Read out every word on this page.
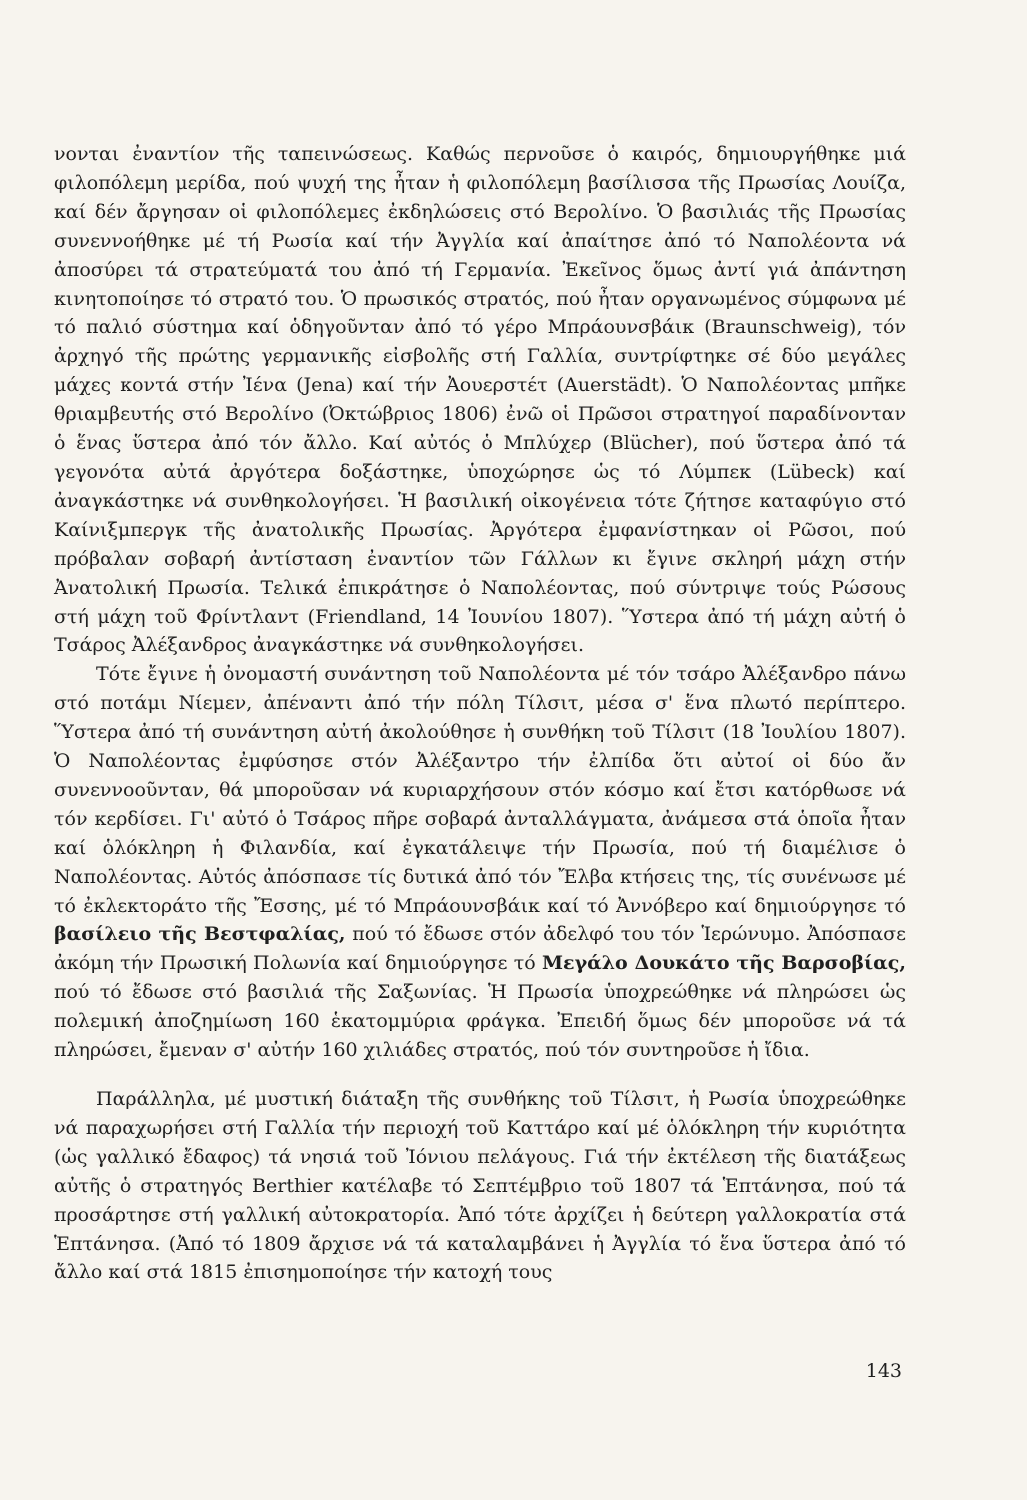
νονται ἐναντίον τῆς ταπεινώσεως. Καθώς περνοῦσε ὁ καιρός, δημιουργήθηκε μιά φιλοπόλεμη μερίδα, πού ψυχή της ἦταν ἡ φιλοπόλεμη βασίλισσα τῆς Πρωσίας Λουίζα, καί δέν ἄργησαν οἱ φιλοπόλεμες ἐκδηλώσεις στό Βερολίνο. Ὁ βασιλιάς τῆς Πρωσίας συνεννοήθηκε μέ τή Ρωσία καί τήν Ἀγγλία καί ἀπαίτησε ἀπό τό Ναπολέοντα νά ἀποσύρει τά στρατεύματά του ἀπό τή Γερμανία. Ἐκεῖνος ὅμως ἀντί γιά ἀπάντηση κινητοποίησε τό στρατό του. Ὁ πρωσικός στρατός, πού ἦταν οργανωμένος σύμφωνα μέ τό παλιό σύστημα καί ὁδηγοῦνταν ἀπό τό γέρο Μπράουνσβάικ (Braunschweig), τόν ἀρχηγό τῆς πρώτης γερμανικῆς εἰσβολῆς στή Γαλλία, συντρίφτηκε σέ δύο μεγάλες μάχες κοντά στήν Ἰένα (Jena) καί τήν Ἀουερστέτ (Auerstädt). Ὁ Ναπολέοντας μπῆκε θριαμβευτής στό Βερολίνο (Ὀκτώβριος 1806) ἐνῶ οἱ Πρῶσοι στρατηγοί παραδίνονταν ὁ ἕνας ὕστερα ἀπό τόν ἄλλο. Καί αὐτός ὁ Μπλύχερ (Blücher), πού ὕστερα ἀπό τά γεγονότα αὐτά ἀργότερα δοξάστηκε, ὑποχώρησε ὡς τό Λύμπεκ (Lübeck) καί ἀναγκάστηκε νά συνθηκολογήσει. Ἡ βασιλική οἰκογένεια τότε ζήτησε καταφύγιο στό Καίνιξμπεργκ τῆς ἀνατολικῆς Πρωσίας. Ἀργότερα ἐμφανίστηκαν οἱ Ρῶσοι, πού πρόβαλαν σοβαρή ἀντίσταση ἐναντίον τῶν Γάλλων κι ἔγινε σκληρή μάχη στήν Ἀνατολική Πρωσία. Τελικά ἐπικράτησε ὁ Ναπολέοντας, πού σύντριψε τούς Ρώσους στή μάχη τοῦ Φρίντλαντ (Friendland, 14 Ἰουνίου 1807). Ὕστερα ἀπό τή μάχη αὐτή ὁ Τσάρος Ἀλέξανδρος ἀναγκάστηκε νά συνθηκολογήσει.

Τότε ἔγινε ἡ ὀνομαστή συνάντηση τοῦ Ναπολέοντα μέ τόν τσάρο Ἀλέξανδρο πάνω στό ποτάμι Νίεμεν, ἀπέναντι ἀπό τήν πόλη Τίλσιτ, μέσα σ' ἕνα πλωτό περίπτερο. Ὕστερα ἀπό τή συνάντηση αὐτή ἀκολούθησε ἡ συνθήκη τοῦ Τίλσιτ (18 Ἰουλίου 1807). Ὁ Ναπολέοντας ἐμφύσησε στόν Ἀλέξαντρο τήν ἐλπίδα ὅτι αὐτοί οἱ δύο ἄν συνεννοοῦνταν, θά μποροῦσαν νά κυριαρχήσουν στόν κόσμο καί ἔτσι κατόρθωσε νά τόν κερδίσει. Γι' αὐτό ὁ Τσάρος πῆρε σοβαρά ἀνταλλάγματα, ἀνάμεσα στά ὁποῖα ἦταν καί ὁλόκληρη ἡ Φιλανδία, καί ἐγκατάλειψε τήν Πρωσία, πού τή διαμέλισε ὁ Ναπολέοντας. Αὐτός ἀπόσπασε τίς δυτικά ἀπό τόν Ἔλβα κτήσεις της, τίς συνένωσε μέ τό ἐκλεκτοράτο τῆς Ἔσσης, μέ τό Μπράουνσβάικ καί τό Ἀννόβερο καί δημιούργησε τό βασίλειο τῆς Βεστφαλίας, πού τό ἔδωσε στόν ἀδελφό του τόν Ἱερώνυμο. Ἀπόσπασε ἀκόμη τήν Πρωσική Πολωνία καί δημιούργησε τό Μεγάλο Δουκάτο τῆς Βαρσοβίας, πού τό ἔδωσε στό βασιλιά τῆς Σαξωνίας. Ἡ Πρωσία ὑποχρεώθηκε νά πληρώσει ὡς πολεμική ἀποζημίωση 160 ἑκατομμύρια φράγκα. Ἐπειδή ὅμως δέν μποροῦσε νά τά πληρώσει, ἔμεναν σ' αὐτήν 160 χιλιάδες στρατός, πού τόν συντηροῦσε ἡ ἴδια.

Παράλληλα, μέ μυστική διάταξη τῆς συνθήκης τοῦ Τίλσιτ, ἡ Ρωσία ὑποχρεώθηκε νά παραχωρήσει στή Γαλλία τήν περιοχή τοῦ Καττάρο καί μέ ὁλόκληρη τήν κυριότητα (ὡς γαλλικό ἔδαφος) τά νησιά τοῦ Ἰόνιου πελάγους. Γιά τήν ἐκτέλεση τῆς διατάξεως αὐτῆς ὁ στρατηγός Berthier κατέλαβε τό Σεπτέμβριο τοῦ 1807 τά Ἑπτάνησα, πού τά προσάρτησε στή γαλλική αὐτοκρατορία. Ἀπό τότε ἀρχίζει ἡ δεύτερη γαλλοκρατία στά Ἑπτάνησα. (Ἀπό τό 1809 ἄρχισε νά τά καταλαμβάνει ἡ Ἀγγλία τό ἕνα ὕστερα ἀπό τό ἄλλο καί στά 1815 ἐπισημοποίησε τήν κατοχή τους

143
